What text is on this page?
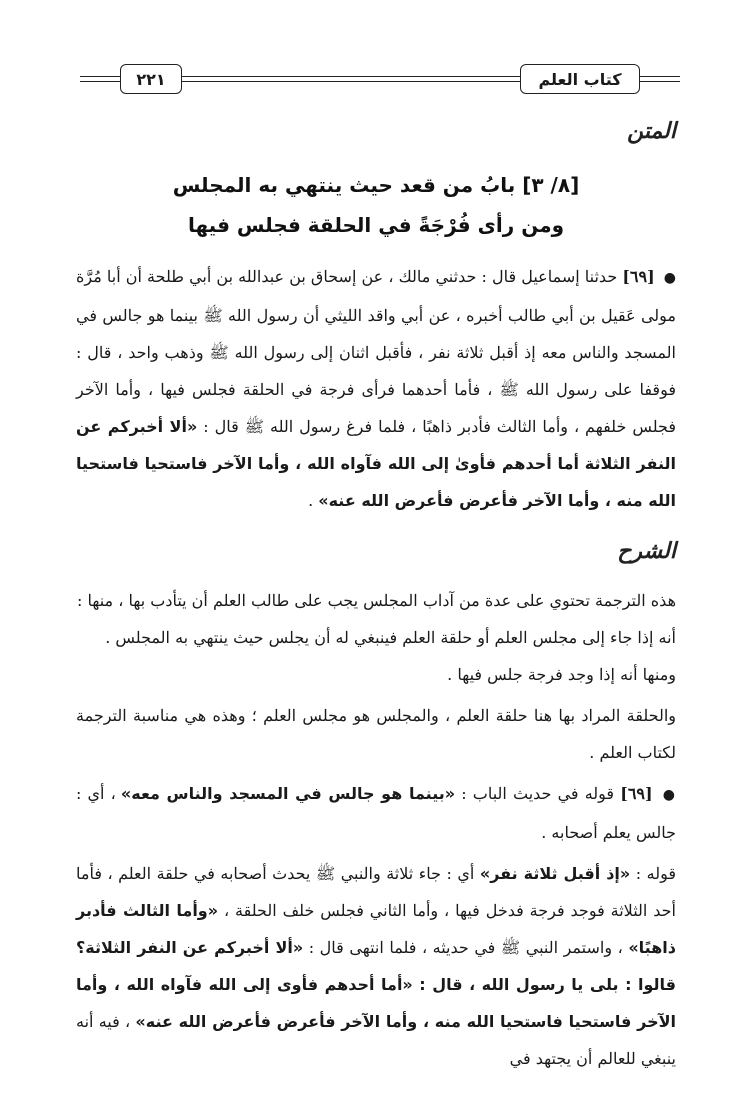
كتاب العلم
٢٢١
المتن
[٨/ ٣] بابُ من قعد حيث ينتهي به المجلس
ومن رأى فُرْجَةً في الحلقة فجلس فيها

● [٦٩] حدثنا إسماعيل قال : حدثني مالك ، عن إسحاق بن عبدالله بن أبي طلحة أن أبا مُرَّة مولى عَقيل بن أبي طالب أخبره ، عن أبي واقد الليثي أن رسول الله ﷺ بينما هو جالس في المسجد والناس معه إذ أقبل ثلاثة نفر ، فأقبل اثنان إلى رسول الله ﷺ وذهب واحد ، قال : فوقفا على رسول الله ﷺ ، فأما أحدهما فرأى فرجة في الحلقة فجلس فيها ، وأما الآخر فجلس خلفهم ، وأما الثالث فأدبر ذاهبًا ، فلما فرغ رسول الله ﷺ قال : «ألا أخبركم عن النفر الثلاثة أما أحدهم فأوىٰ إلى الله فآواه الله ، وأما الآخر فاستحيا فاستحيا الله منه ، وأما الآخر فأعرض فأعرض الله عنه» .

الشرح

هذه الترجمة تحتوي على عدة من آداب المجلس يجب على طالب العلم أن يتأدب بها ، منها :

أنه إذا جاء إلى مجلس العلم أو حلقة العلم فينبغي له أن يجلس حيث ينتهي به المجلس .

ومنها أنه إذا وجد فرجة جلس فيها .

والحلقة المراد بها هنا حلقة العلم ، والمجلس هو مجلس العلم ؛ وهذه هي مناسبة الترجمة لكتاب العلم .

● [٦٩] قوله في حديث الباب : «بينما هو جالس في المسجد والناس معه» ، أي : جالس يعلم أصحابه .

قوله : «إذ أقبل ثلاثة نفر» أي : جاء ثلاثة والنبي ﷺ يحدث أصحابه في حلقة العلم ، فأما أحد الثلاثة فوجد فرجة فدخل فيها ، وأما الثاني فجلس خلف الحلقة ، «وأما الثالث فأدبر ذاهبًا» ، واستمر النبي ﷺ في حديثه ، فلما انتهى قال : «ألا أخبركم عن النفر الثلاثة؟ قالوا : بلى يا رسول الله ، قال : «أما أحدهم فأوى إلى الله فآواه الله ، وأما الآخر فاستحيا فاستحيا الله منه ، وأما الآخر فأعرض فأعرض الله عنه» ، فيه أنه ينبغي للعالم أن يجتهد في
